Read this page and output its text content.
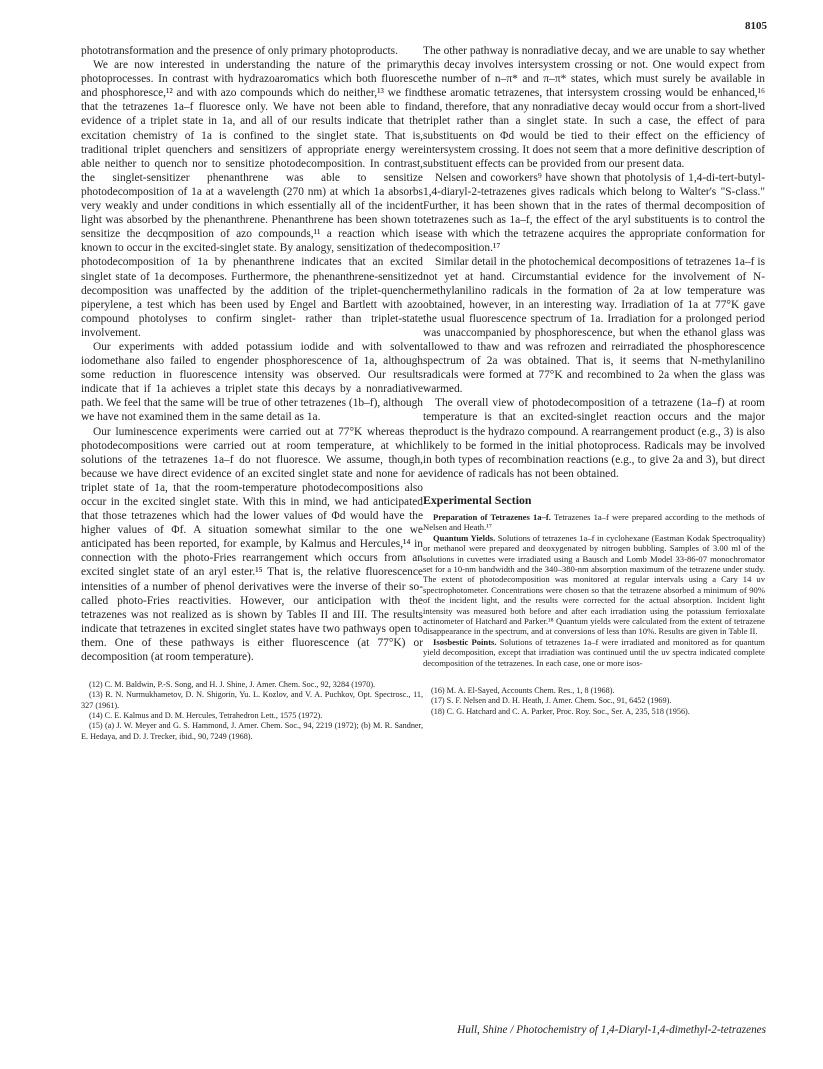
8105

phototransformation and the presence of only primary photoproducts.

We are now interested in understanding the nature of the primary photoprocesses. In contrast with hydrazoaromatics which both fluoresce and phosphoresce,¹² and with azo compounds which do neither,¹³ we find that the tetrazenes 1a–f fluoresce only. We have not been able to find evidence of a triplet state in 1a, and all of our results indicate that the excitation chemistry of 1a is confined to the singlet state. That is, traditional triplet quenchers and sensitizers of appropriate energy were able neither to quench nor to sensitize photodecomposition. In contrast, the singlet-sensitizer phenanthrene was able to sensitize photodecomposition of 1a at a wavelength (270 nm) at which 1a absorbs very weakly and under conditions in which essentially all of the incident light was absorbed by the phenanthrene. Phenanthrene has been shown to sensitize the decqmposition of azo compounds,¹¹ a reaction which is known to occur in the excited-singlet state. By analogy, sensitization of the photodecomposition of 1a by phenanthrene indicates that an excited singlet state of 1a decomposes. Furthermore, the phenanthrene-sensitized decomposition was unaffected by the addition of the triplet-quencher piperylene, a test which has been used by Engel and Bartlett with azo compound photolyses to confirm singlet- rather than triplet-state involvement.

Our experiments with added potassium iodide and with solvent iodomethane also failed to engender phosphorescence of 1a, although some reduction in fluorescence intensity was observed. Our results indicate that if 1a achieves a triplet state this decays by a nonradiative path. We feel that the same will be true of other tetrazenes (1b–f), although we have not examined them in the same detail as 1a.

Our luminescence experiments were carried out at 77°K whereas the photodecompositions were carried out at room temperature, at which solutions of the tetrazenes 1a–f do not fluoresce. We assume, though, because we have direct evidence of an excited singlet state and none for a triplet state of 1a, that the room-temperature photodecompositions also occur in the excited singlet state. With this in mind, we had anticipated that those tetrazenes which had the lower values of Φd would have the higher values of Φf. A situation somewhat similar to the one we anticipated has been reported, for example, by Kalmus and Hercules,¹⁴ in connection with the photo-Fries rearrangement which occurs from an excited singlet state of an aryl ester.¹⁵ That is, the relative fluorescence intensities of a number of phenol derivatives were the inverse of their so-called photo-Fries reactivities. However, our anticipation with the tetrazenes was not realized as is shown by Tables II and III. The results indicate that tetrazenes in excited singlet states have two pathways open to them. One of these pathways is either fluorescence (at 77°K) or decomposition (at room temperature).

(12) C. M. Baldwin, P.-S. Song, and H. J. Shine, J. Amer. Chem. Soc., 92, 3284 (1970).

(13) R. N. Nurmukhametov, D. N. Shigorin, Yu. L. Kozlov, and V. A. Puchkov, Opt. Spectrosc., 11, 327 (1961).

(14) C. E. Kalmus and D. M. Hercules, Tetrahedron Lett., 1575 (1972).

(15) (a) J. W. Meyer and G. S. Hammond, J. Amer. Chem. Soc., 94, 2219 (1972); (b) M. R. Sandner, E. Hedaya, and D. J. Trecker, ibid., 90, 7249 (1968).

The other pathway is nonradiative decay, and we are unable to say whether this decay involves intersystem crossing or not. One would expect from the number of n–π* and π–π* states, which must surely be available in these aromatic tetrazenes, that intersystem crossing would be enhanced,¹⁶ and, therefore, that any nonradiative decay would occur from a short-lived triplet rather than a singlet state. In such a case, the effect of para substituents on Φd would be tied to their effect on the efficiency of intersystem crossing. It does not seem that a more definitive description of substituent effects can be provided from our present data.

Nelsen and coworkers⁹ have shown that photolysis of 1,4-di-tert-butyl-1,4-diaryl-2-tetrazenes gives radicals which belong to Walter's "S-class." Further, it has been shown that in the rates of thermal decomposition of tetrazenes such as 1a–f, the effect of the aryl substituents is to control the ease with which the tetrazene acquires the appropriate conformation for decomposition.¹⁷

Similar detail in the photochemical decompositions of tetrazenes 1a–f is not yet at hand. Circumstantial evidence for the involvement of N-methylanilino radicals in the formation of 2a at low temperature was obtained, however, in an interesting way. Irradiation of 1a at 77°K gave the usual fluorescence spectrum of 1a. Irradiation for a prolonged period was unaccompanied by phosphorescence, but when the ethanol glass was allowed to thaw and was refrozen and reirradiated the phosphorescence spectrum of 2a was obtained. That is, it seems that N-methylanilino radicals were formed at 77°K and recombined to 2a when the glass was warmed.

The overall view of photodecomposition of a tetrazene (1a–f) at room temperature is that an excited-singlet reaction occurs and the major product is the hydrazo compound. A rearrangement product (e.g., 3) is also likely to be formed in the initial photoprocess. Radicals may be involved in both types of recombination reactions (e.g., to give 2a and 3), but direct evidence of radicals has not been obtained.

Experimental Section

Preparation of Tetrazenes 1a–f. Tetrazenes 1a–f were prepared according to the methods of Nelsen and Heath.¹⁷

Quantum Yields. Solutions of tetrazenes 1a–f in cyclohexane (Eastman Kodak Spectroquality) or methanol were prepared and deoxygenated by nitrogen bubbling. Samples of 3.00 ml of the solutions in cuvettes were irradiated using a Bausch and Lomb Model 33-86-07 monochromator set for a 10-nm bandwidth and the 340–380-nm absorption maximum of the tetrazene under study. The extent of photodecomposition was monitored at regular intervals using a Cary 14 uv spectrophotometer. Concentrations were chosen so that the tetrazene absorbed a minimum of 90% of the incident light, and the results were corrected for the actual absorption. Incident light intensity was measured both before and after each irradiation using the potassium ferrioxalate actinometer of Hatchard and Parker.¹⁸ Quantum yields were calculated from the extent of tetrazene disappearance in the spectrum, and at conversions of less than 10%. Results are given in Table II.

Isosbestic Points. Solutions of tetrazenes 1a–f were irradiated and monitored as for quantum yield decomposition, except that irradiation was continued until the uv spectra indicated complete decomposition of the tetrazenes. In each case, one or more isos-

(16) M. A. El-Sayed, Accounts Chem. Res., 1, 8 (1968).

(17) S. F. Nelsen and D. H. Heath, J. Amer. Chem. Soc., 91, 6452 (1969).

(18) C. G. Hatchard and C. A. Parker, Proc. Roy. Soc., Ser. A, 235, 518 (1956).

Hull, Shine / Photochemistry of 1,4-Diaryl-1,4-dimethyl-2-tetrazenes
